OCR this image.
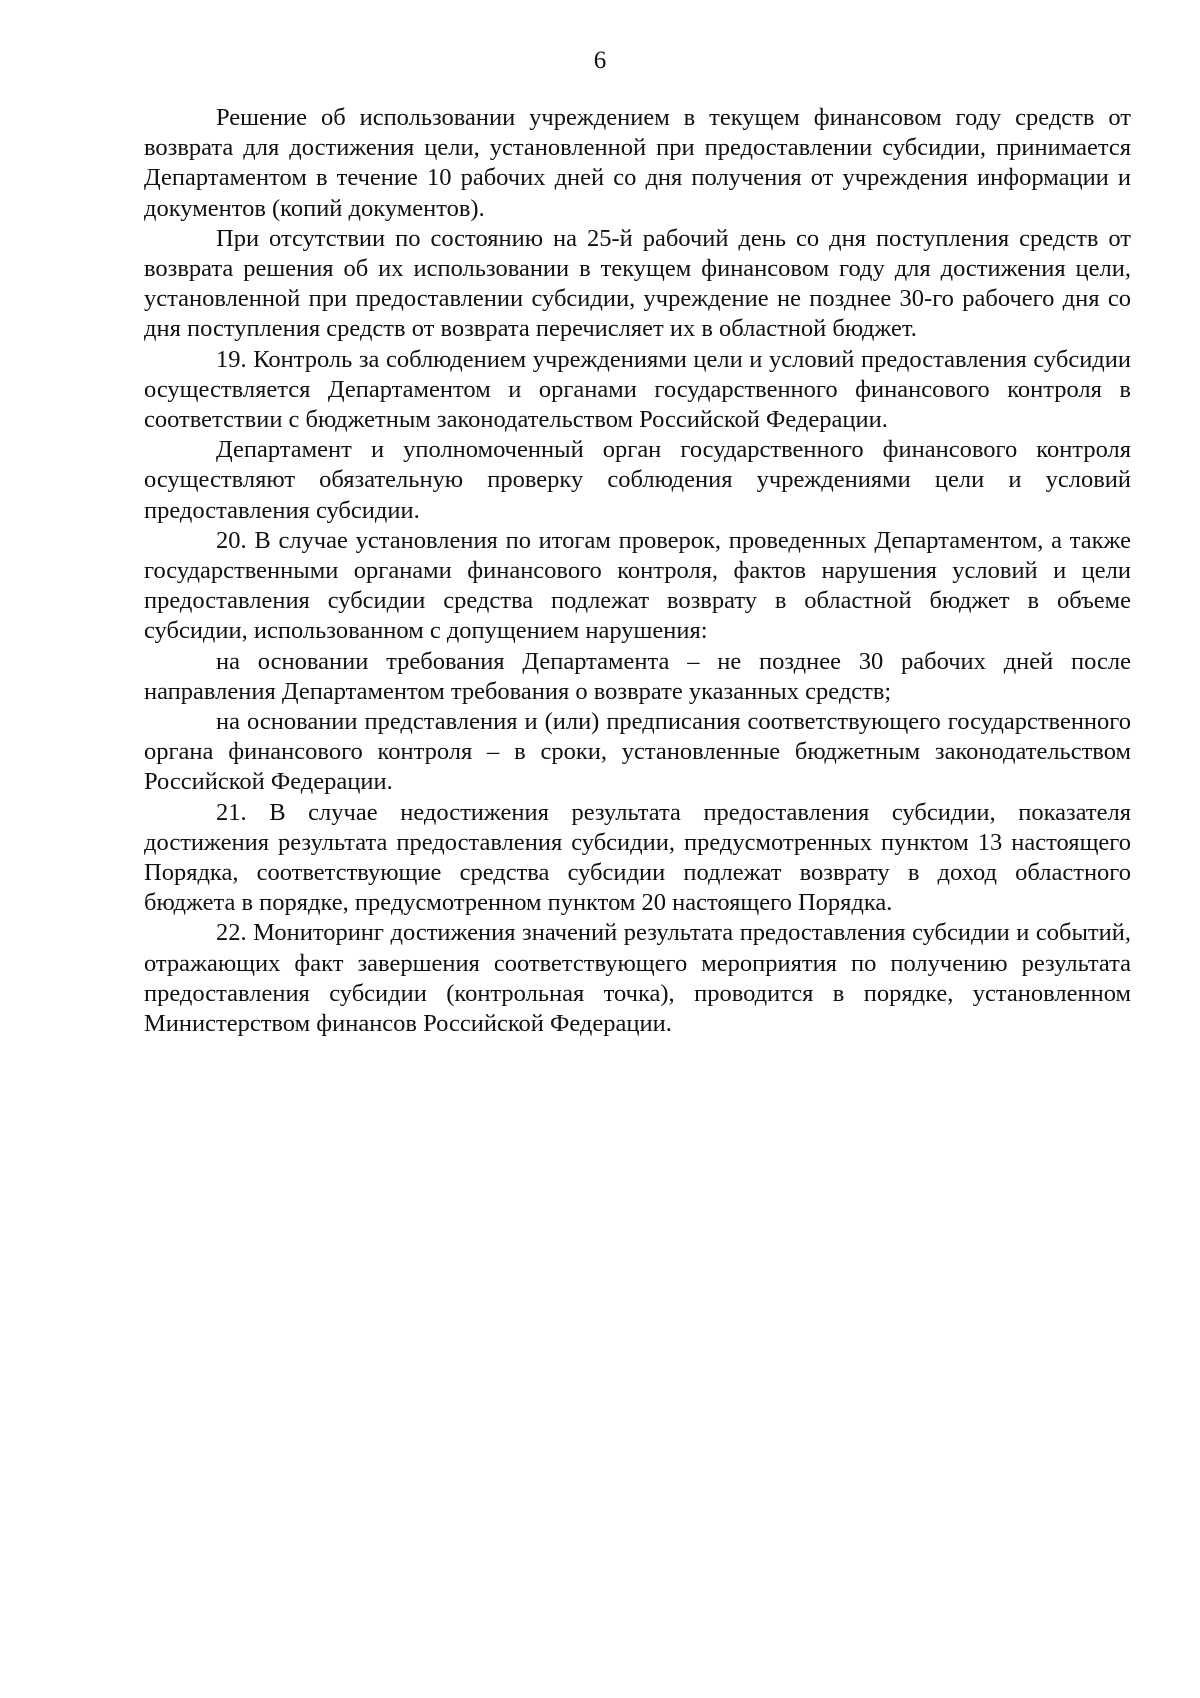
6

Решение об использовании учреждением в текущем финансовом году средств от возврата для достижения цели, установленной при предоставлении субсидии, принимается Департаментом в течение 10 рабочих дней со дня получения от учреждения информации и документов (копий документов).

При отсутствии по состоянию на 25-й рабочий день со дня поступления средств от возврата решения об их использовании в текущем финансовом году для достижения цели, установленной при предоставлении субсидии, учреждение не позднее 30-го рабочего дня со дня поступления средств от возврата перечисляет их в областной бюджет.

19. Контроль за соблюдением учреждениями цели и условий предоставления субсидии осуществляется Департаментом и органами государственного финансового контроля в соответствии с бюджетным законодательством Российской Федерации.

Департамент и уполномоченный орган государственного финансового контроля осуществляют обязательную проверку соблюдения учреждениями цели и условий предоставления субсидии.

20. В случае установления по итогам проверок, проведенных Департаментом, а также государственными органами финансового контроля, фактов нарушения условий и цели предоставления субсидии средства подлежат возврату в областной бюджет в объеме субсидии, использованном с допущением нарушения:

на основании требования Департамента – не позднее 30 рабочих дней после направления Департаментом требования о возврате указанных средств;

на основании представления и (или) предписания соответствующего государственного органа финансового контроля – в сроки, установленные бюджетным законодательством Российской Федерации.

21. В случае недостижения результата предоставления субсидии, показателя достижения результата предоставления субсидии, предусмотренных пунктом 13 настоящего Порядка, соответствующие средства субсидии подлежат возврату в доход областного бюджета в порядке, предусмотренном пунктом 20 настоящего Порядка.

22. Мониторинг достижения значений результата предоставления субсидии и событий, отражающих факт завершения соответствующего мероприятия по получению результата предоставления субсидии (контрольная точка), проводится в порядке, установленном Министерством финансов Российской Федерации.
